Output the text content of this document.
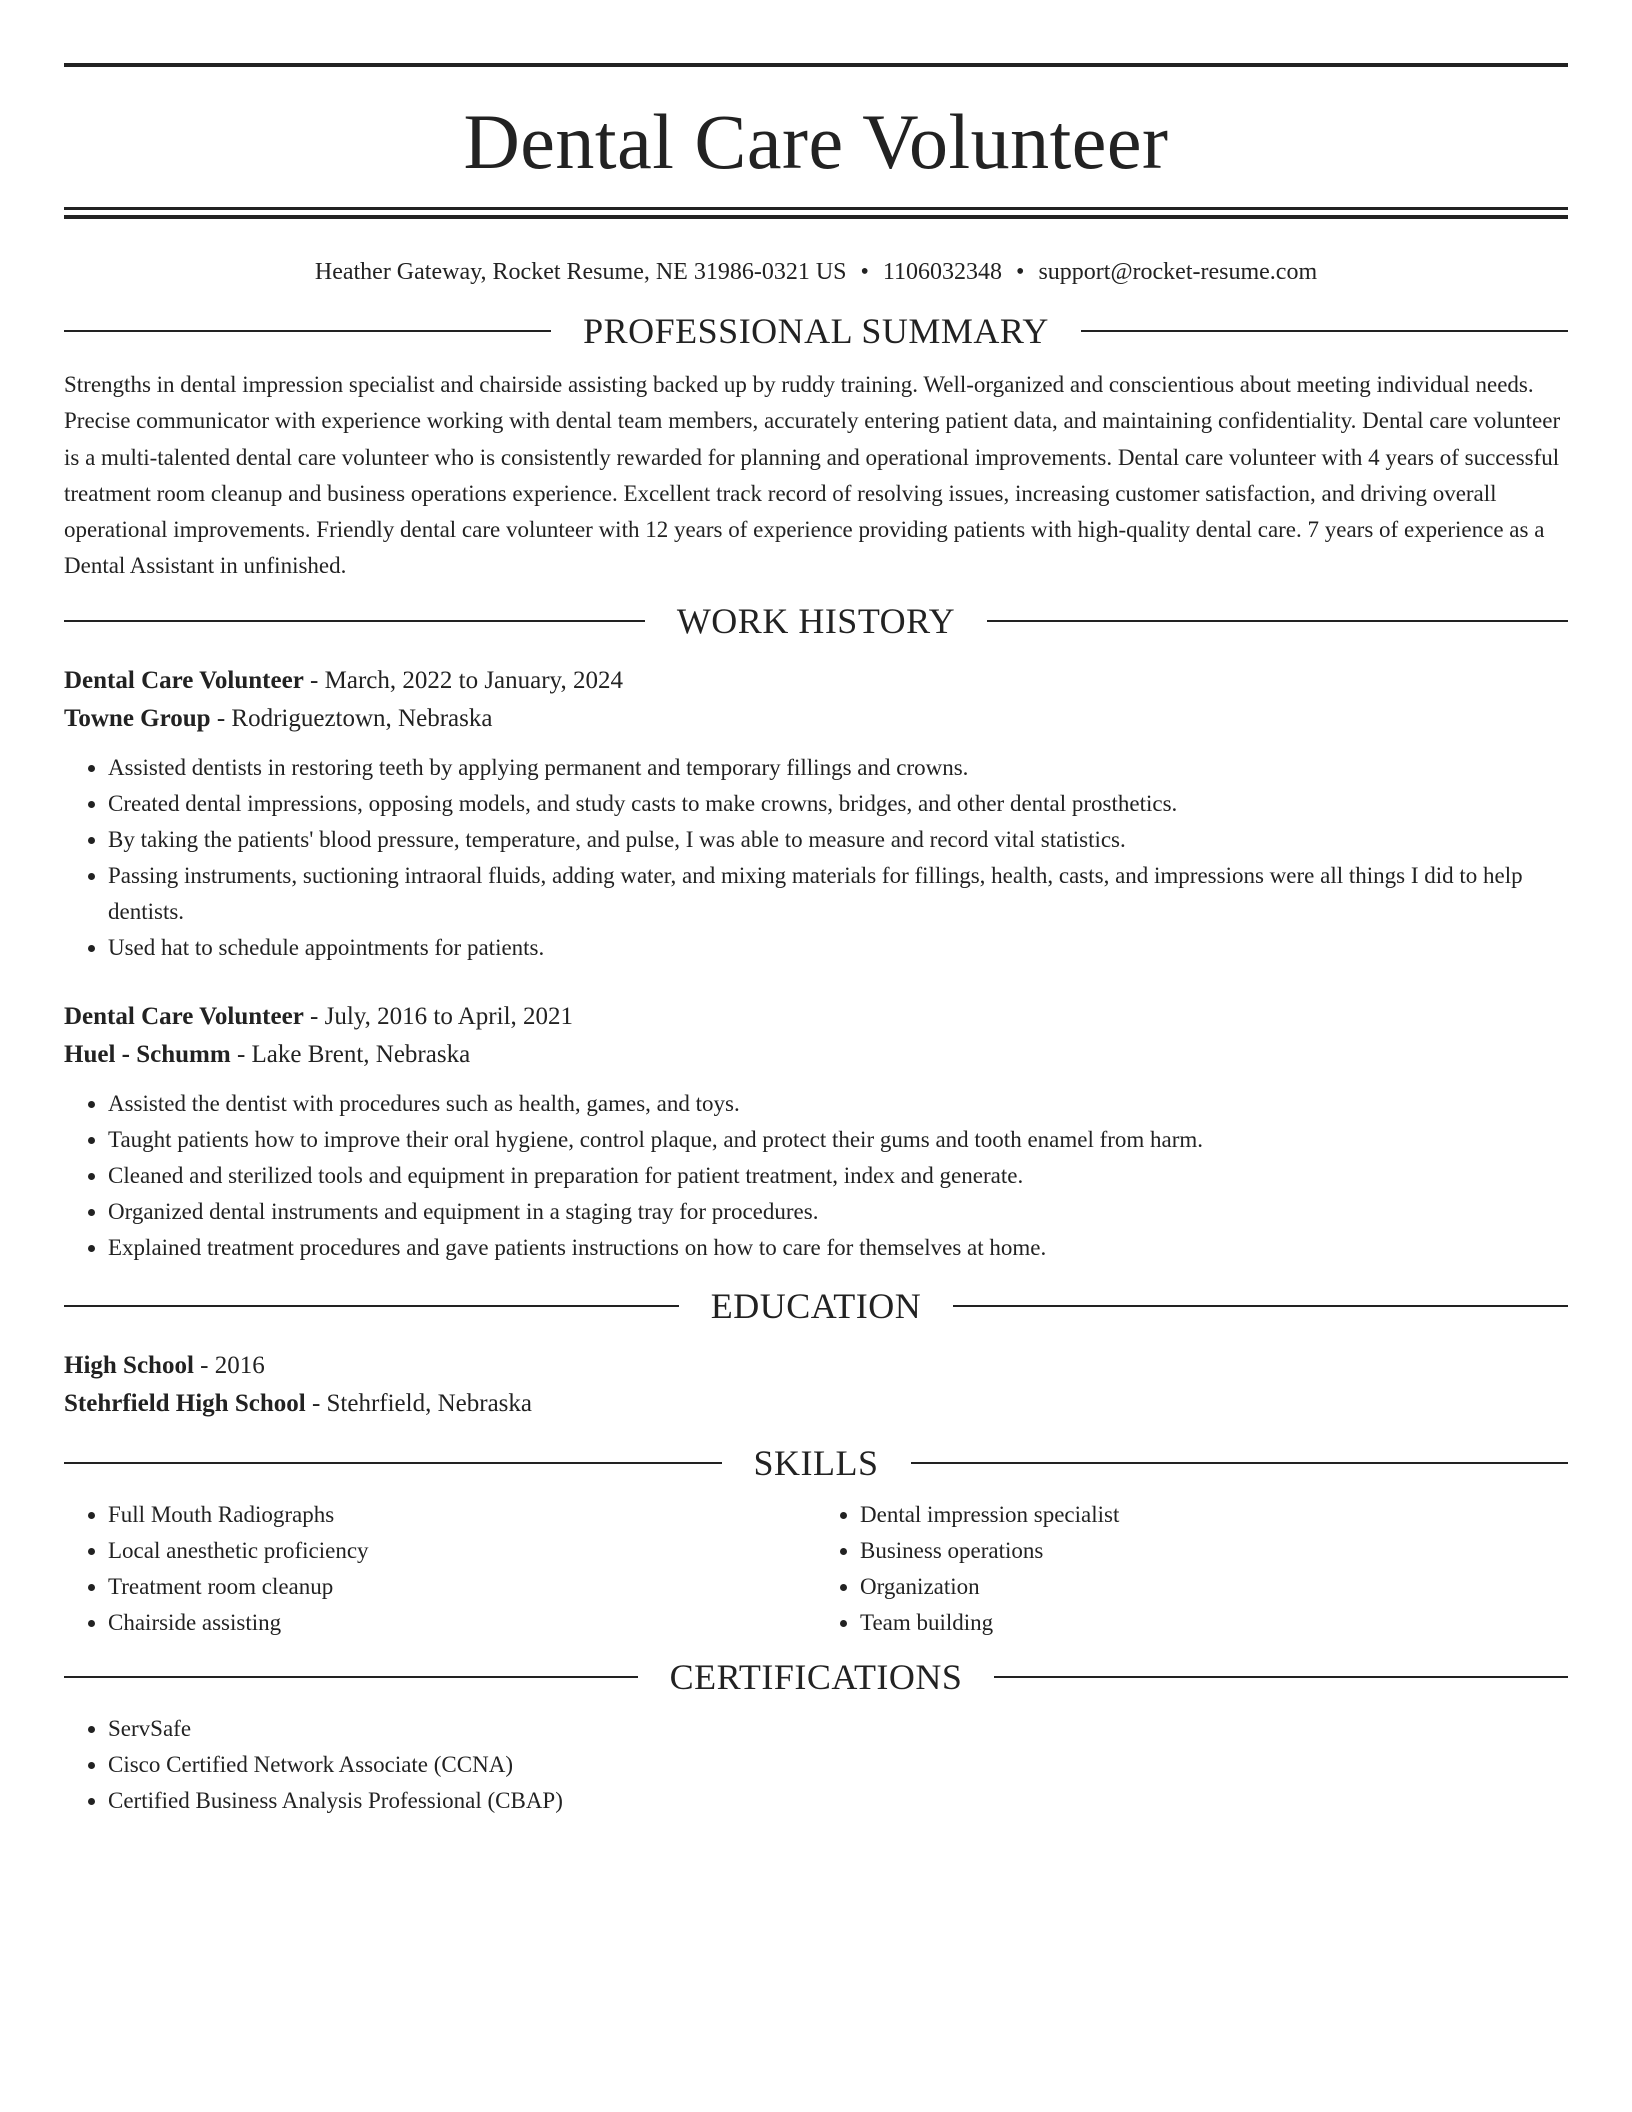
Dental Care Volunteer
Heather Gateway, Rocket Resume, NE 31986-0321 US • 1106032348 • support@rocket-resume.com
PROFESSIONAL SUMMARY

Strengths in dental impression specialist and chairside assisting backed up by ruddy training. Well-organized and conscientious about meeting individual needs. Precise communicator with experience working with dental team members, accurately entering patient data, and maintaining confidentiality. Dental care volunteer is a multi-talented dental care volunteer who is consistently rewarded for planning and operational improvements. Dental care volunteer with 4 years of successful treatment room cleanup and business operations experience. Excellent track record of resolving issues, increasing customer satisfaction, and driving overall operational improvements. Friendly dental care volunteer with 12 years of experience providing patients with high-quality dental care. 7 years of experience as a Dental Assistant in unfinished.

WORK HISTORY
Dental Care Volunteer - March, 2022 to January, 2024
Towne Group - Rodrigueztown, Nebraska
• Assisted dentists in restoring teeth by applying permanent and temporary fillings and crowns.
• Created dental impressions, opposing models, and study casts to make crowns, bridges, and other dental prosthetics.
• By taking the patients' blood pressure, temperature, and pulse, I was able to measure and record vital statistics.
• Passing instruments, suctioning intraoral fluids, adding water, and mixing materials for fillings, health, casts, and impressions were all things I did to help dentists.
• Used hat to schedule appointments for patients.
Dental Care Volunteer - July, 2016 to April, 2021
Huel - Schumm - Lake Brent, Nebraska
• Assisted the dentist with procedures such as health, games, and toys.
• Taught patients how to improve their oral hygiene, control plaque, and protect their gums and tooth enamel from harm.
• Cleaned and sterilized tools and equipment in preparation for patient treatment, index and generate.
• Organized dental instruments and equipment in a staging tray for procedures.
• Explained treatment procedures and gave patients instructions on how to care for themselves at home.
EDUCATION
High School - 2016
Stehrfield High School - Stehrfield, Nebraska
SKILLS
• Full Mouth Radiographs
• Local anesthetic proficiency
• Treatment room cleanup
• Chairside assisting
• Dental impression specialist
• Business operations
• Organization
• Team building
CERTIFICATIONS
• ServSafe
• Cisco Certified Network Associate (CCNA)
• Certified Business Analysis Professional (CBAP)
